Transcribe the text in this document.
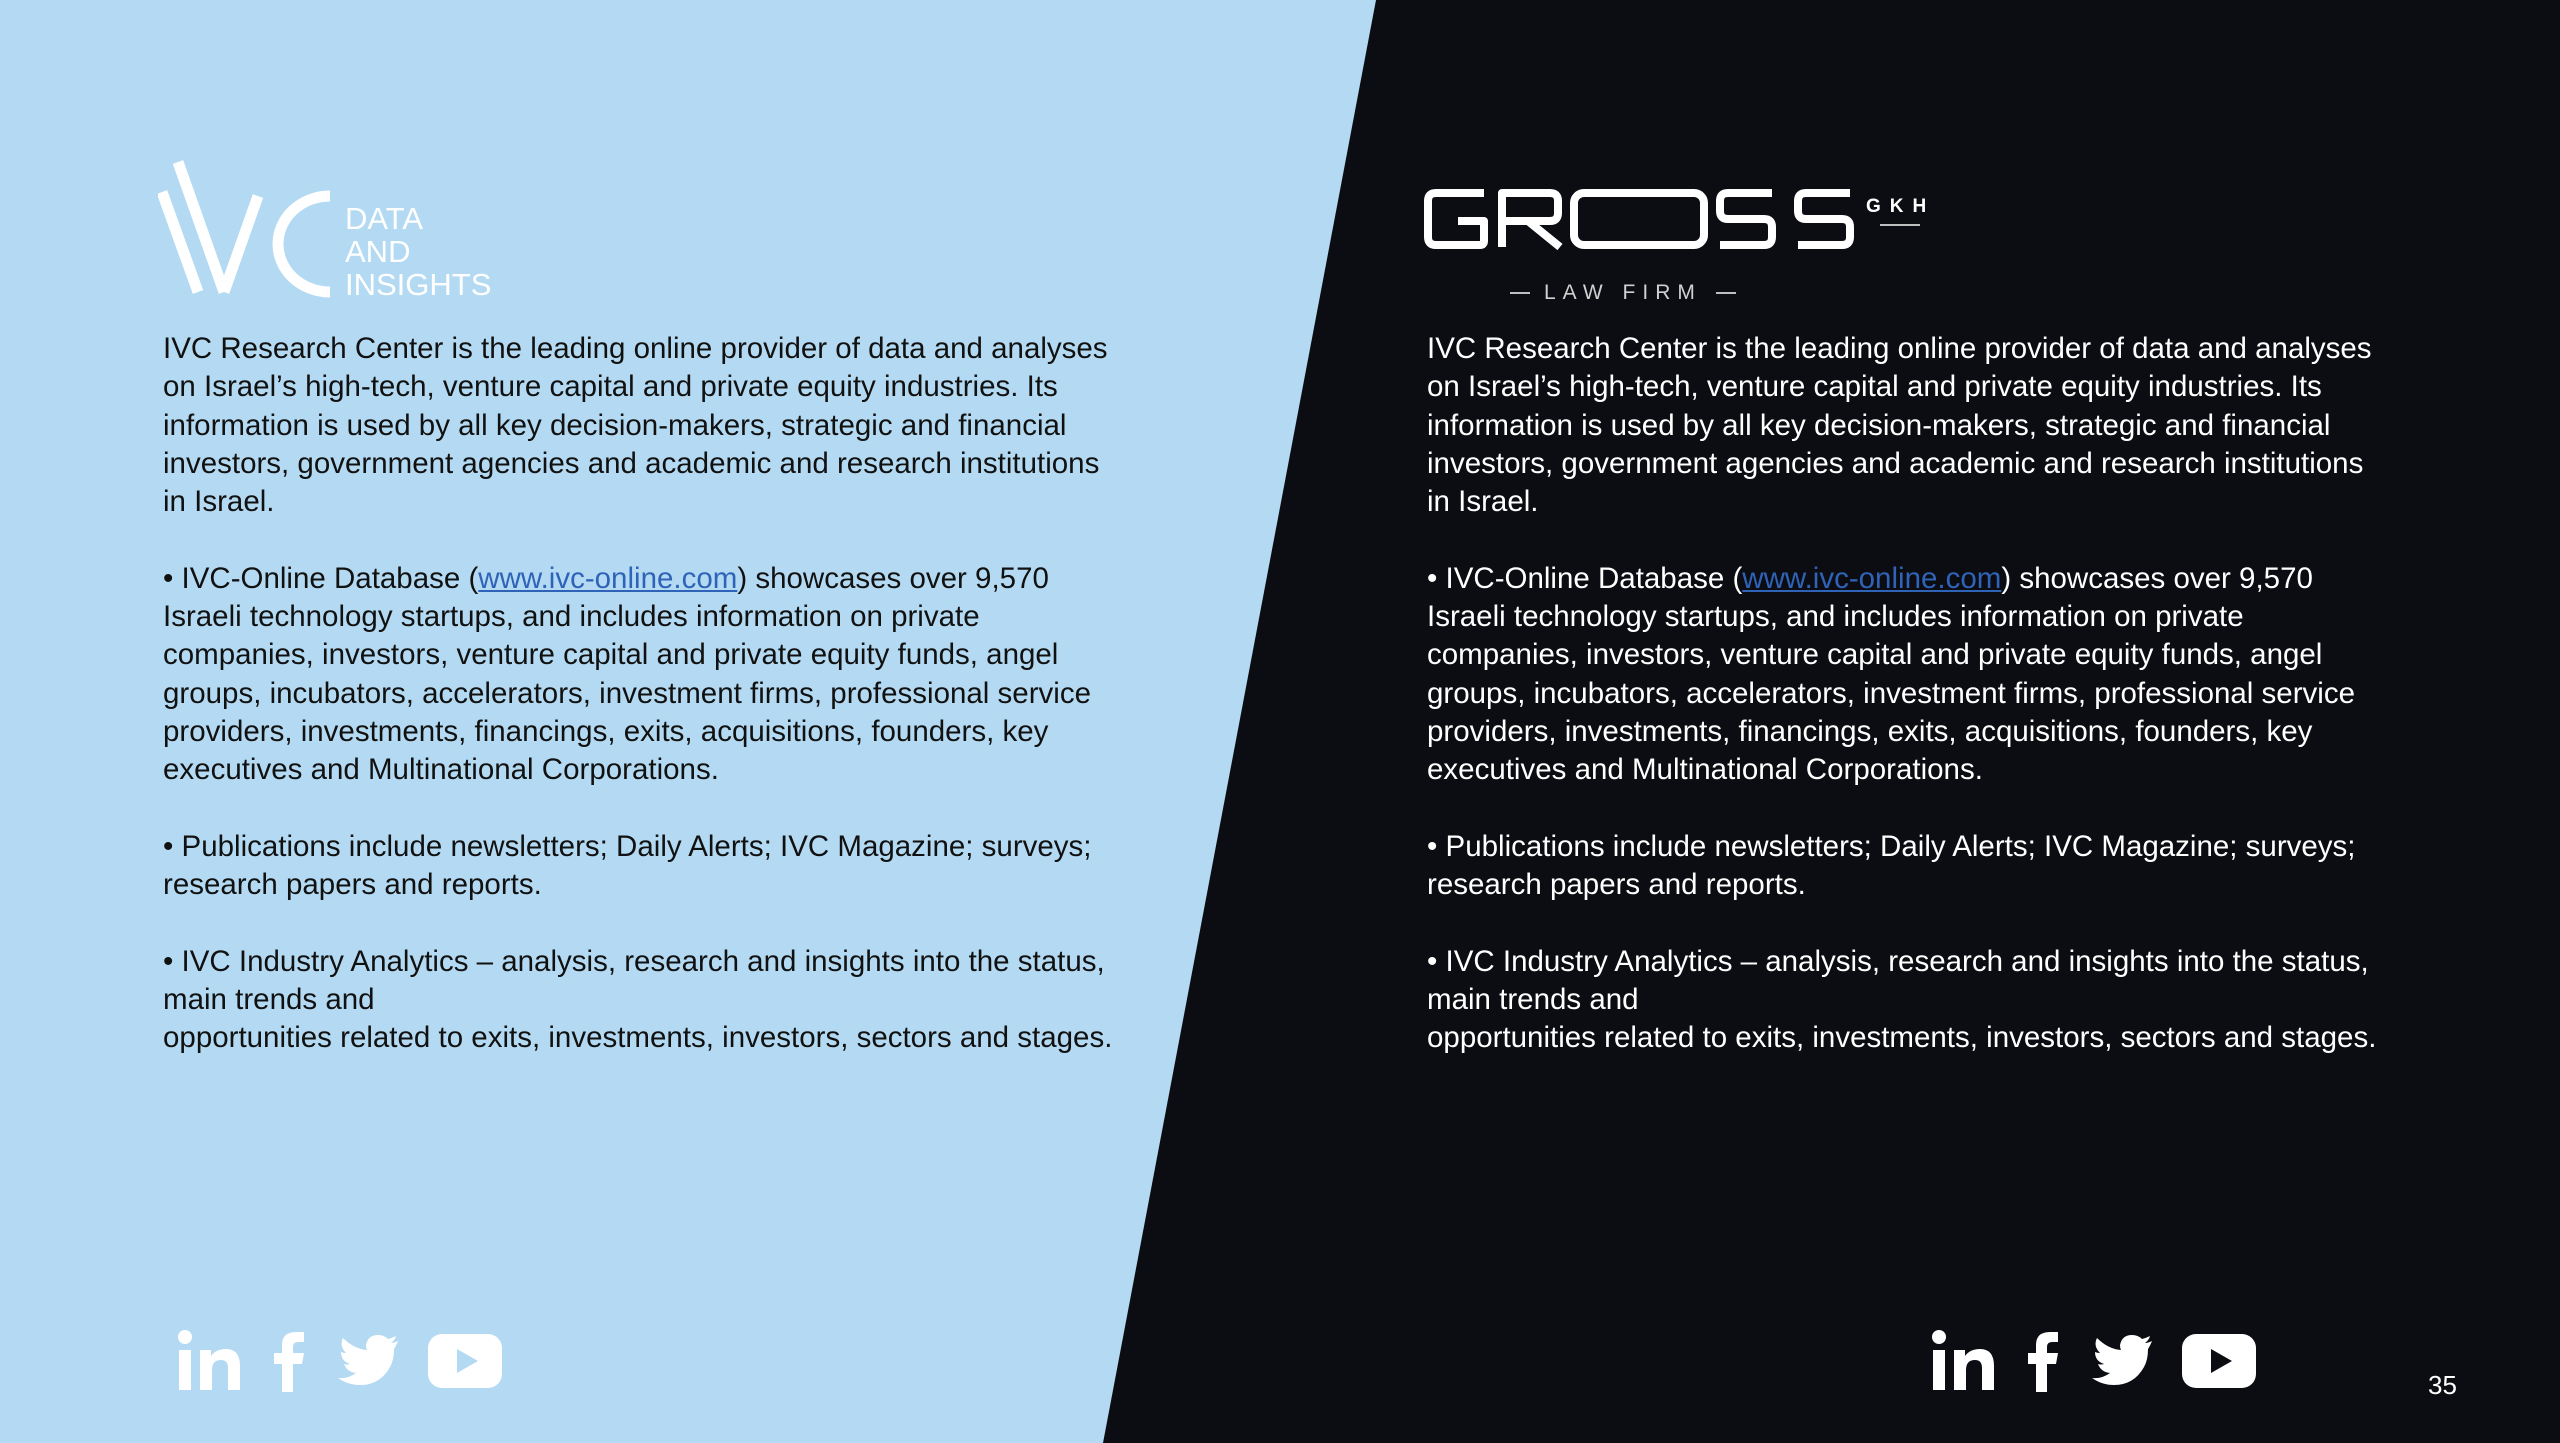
DATA
AND
INSIGHTS
GKH
LAW FIRM

IVC Research Center is the leading online provider of data and analyses on Israel’s high-tech, venture capital and private equity industries. Its information is used by all key decision-makers, strategic and financial investors, government agencies and academic and research institutions in Israel.

• IVC-Online Database (www.ivc-online.com) showcases over 9,570 Israeli technology startups, and includes information on private companies, investors, venture capital and private equity funds, angel groups, incubators, accelerators, investment firms, professional service providers, investments, financings, exits, acquisitions, founders, key executives and Multinational Corporations.

• Publications include newsletters; Daily Alerts; IVC Magazine; surveys; research papers and reports.

• IVC Industry Analytics – analysis, research and insights into the status, main trends and
opportunities related to exits, investments, investors, sectors and stages.

IVC Research Center is the leading online provider of data and analyses on Israel’s high-tech, venture capital and private equity industries. Its information is used by all key decision-makers, strategic and financial investors, government agencies and academic and research institutions in Israel.

• IVC-Online Database (www.ivc-online.com) showcases over 9,570 Israeli technology startups, and includes information on private companies, investors, venture capital and private equity funds, angel groups, incubators, accelerators, investment firms, professional service providers, investments, financings, exits, acquisitions, founders, key executives and Multinational Corporations.

• Publications include newsletters; Daily Alerts; IVC Magazine; surveys; research papers and reports.

• IVC Industry Analytics – analysis, research and insights into the status, main trends and
opportunities related to exits, investments, investors, sectors and stages.

35
